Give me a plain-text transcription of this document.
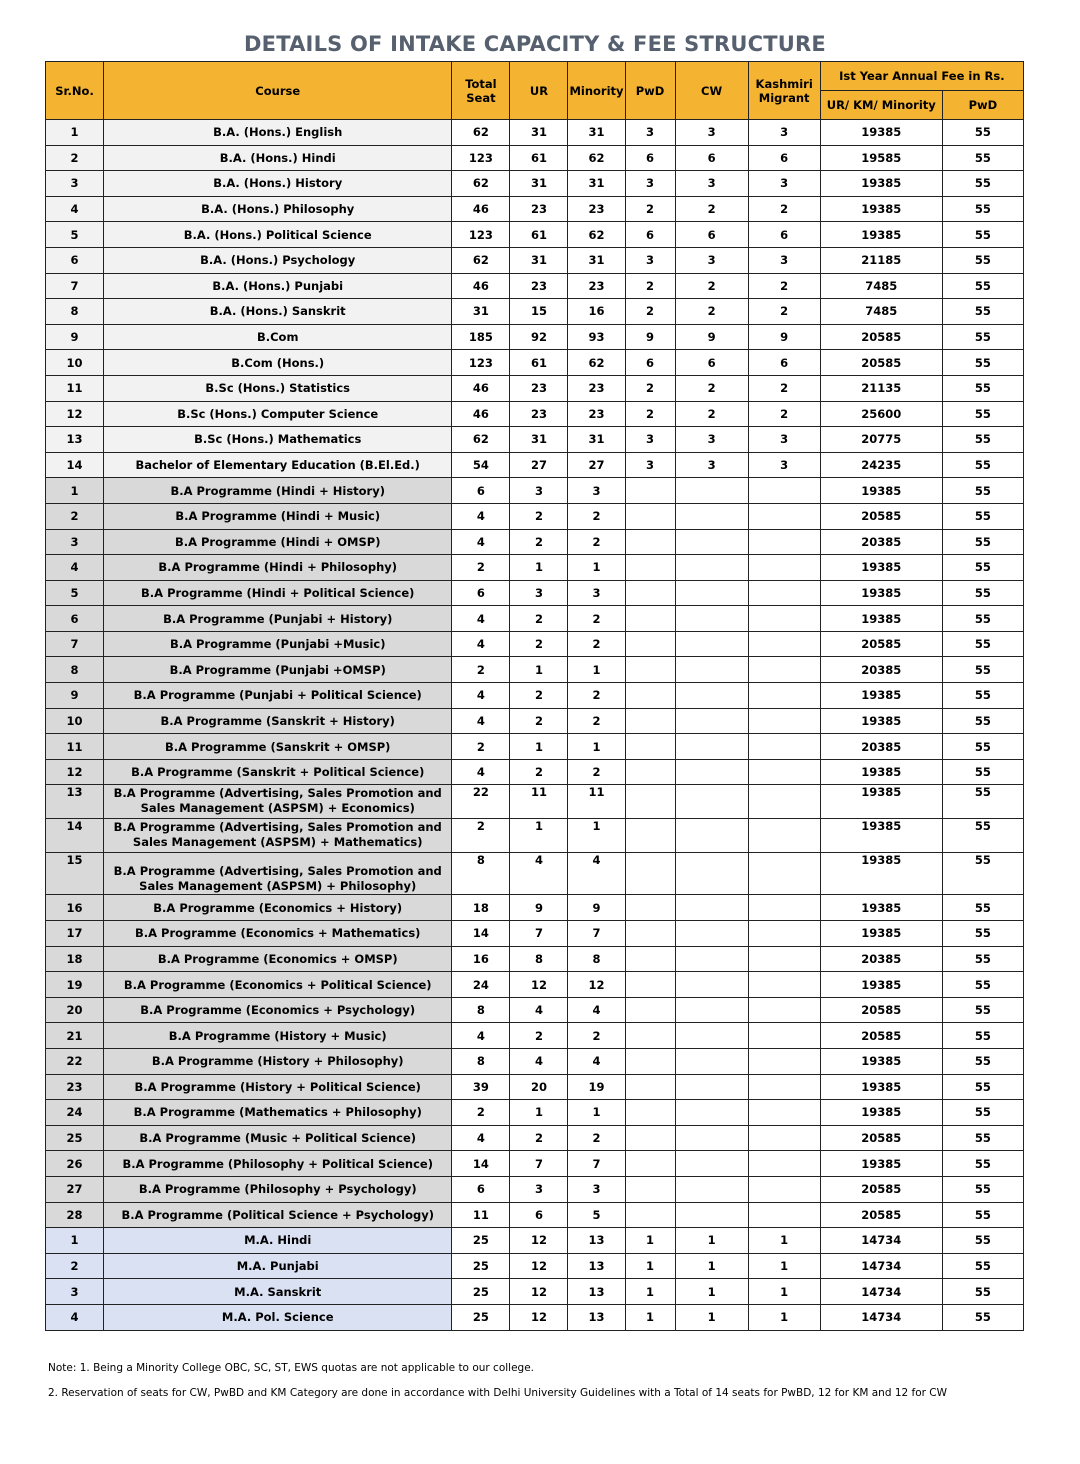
DETAILS OF INTAKE CAPACITY & FEE STRUCTURE
Sr.No.	Course	Total Seat	UR	Minority	PwD	CW	Kashmiri Migrant	Ist Year Annual Fee in Rs.	
								UR/ KM/ Minority	PwD
1	B.A. (Hons.) English	62	31	31	3	3	3	19385	55
2	B.A. (Hons.) Hindi	123	61	62	6	6	6	19585	55
3	B.A. (Hons.) History	62	31	31	3	3	3	19385	55
4	B.A. (Hons.) Philosophy	46	23	23	2	2	2	19385	55
5	B.A. (Hons.) Political Science	123	61	62	6	6	6	19385	55
6	B.A. (Hons.) Psychology	62	31	31	3	3	3	21185	55
7	B.A. (Hons.) Punjabi	46	23	23	2	2	2	7485	55
8	B.A. (Hons.) Sanskrit	31	15	16	2	2	2	7485	55
9	B.Com	185	92	93	9	9	9	20585	55
10	B.Com (Hons.)	123	61	62	6	6	6	20585	55
11	B.Sc (Hons.) Statistics	46	23	23	2	2	2	21135	55
12	B.Sc (Hons.) Computer Science	46	23	23	2	2	2	25600	55
13	B.Sc (Hons.) Mathematics	62	31	31	3	3	3	20775	55
14	Bachelor of Elementary Education (B.El.Ed.)	54	27	27	3	3	3	24235	55
1	B.A Programme (Hindi + History)	6	3	3				19385	55
2	B.A Programme (Hindi + Music)	4	2	2				20585	55
3	B.A Programme (Hindi + OMSP)	4	2	2				20385	55
4	B.A Programme (Hindi + Philosophy)	2	1	1				19385	55
5	B.A Programme (Hindi + Political Science)	6	3	3				19385	55
6	B.A Programme (Punjabi + History)	4	2	2				19385	55
7	B.A Programme (Punjabi +Music)	4	2	2				20585	55
8	B.A Programme (Punjabi +OMSP)	2	1	1				20385	55
9	B.A Programme (Punjabi + Political Science)	4	2	2				19385	55
10	B.A Programme (Sanskrit + History)	4	2	2				19385	55
11	B.A Programme (Sanskrit + OMSP)	2	1	1				20385	55
12	B.A Programme (Sanskrit + Political Science)	4	2	2				19385	55
13	B.A Programme (Advertising, Sales Promotion and Sales Management (ASPSM) + Economics)	22	11	11				19385	55
14	B.A Programme (Advertising, Sales Promotion and Sales Management (ASPSM) + Mathematics)	2	1	1				19385	55
15	B.A Programme (Advertising, Sales Promotion and Sales Management (ASPSM) + Philosophy)	8	4	4				19385	55
16	B.A Programme (Economics + History)	18	9	9				19385	55
17	B.A Programme (Economics + Mathematics)	14	7	7				19385	55
18	B.A Programme (Economics + OMSP)	16	8	8				20385	55
19	B.A Programme (Economics + Political Science)	24	12	12				19385	55
20	B.A Programme (Economics + Psychology)	8	4	4				20585	55
21	B.A Programme (History + Music)	4	2	2				20585	55
22	B.A Programme (History + Philosophy)	8	4	4				19385	55
23	B.A Programme (History + Political Science)	39	20	19				19385	55
24	B.A Programme (Mathematics + Philosophy)	2	1	1				19385	55
25	B.A Programme (Music + Political Science)	4	2	2				20585	55
26	B.A Programme (Philosophy + Political Science)	14	7	7				19385	55
27	B.A Programme (Philosophy + Psychology)	6	3	3				20585	55
28	B.A Programme (Political Science + Psychology)	11	6	5				20585	55
1	M.A. Hindi	25	12	13	1	1	1	14734	55
2	M.A. Punjabi	25	12	13	1	1	1	14734	55
3	M.A. Sanskrit	25	12	13	1	1	1	14734	55
4	M.A. Pol. Science	25	12	13	1	1	1	14734	55

Note: 1. Being a Minority College OBC, SC, ST, EWS quotas are not applicable to our college.

2. Reservation of seats for CW, PwBD and KM Category are done in accordance with Delhi University Guidelines with a Total of 14 seats for PwBD, 12 for KM and 12 for CW
